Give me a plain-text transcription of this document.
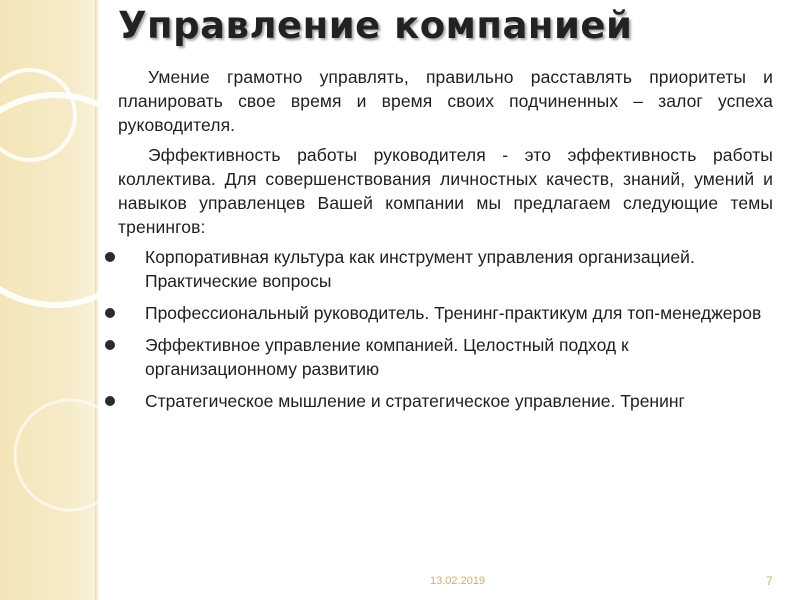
Управление компанией

Умение грамотно управлять, правильно расставлять приоритеты и планировать свое время и время своих подчиненных – залог успеха руководителя.

Эффективность работы руководителя - это эффективность работы коллектива. Для совершенствования личностных качеств, знаний, умений и навыков управленцев Вашей компании мы предлагаем следующие темы тренингов:

Корпоративная культура как инструмент управления организацией. Практические вопросы
Профессиональный руководитель. Тренинг-практикум для топ-менеджеров
Эффективное управление компанией. Целостный подход к организационному развитию
Стратегическое мышление и стратегическое управление. Тренинг
13.02.2019	7
